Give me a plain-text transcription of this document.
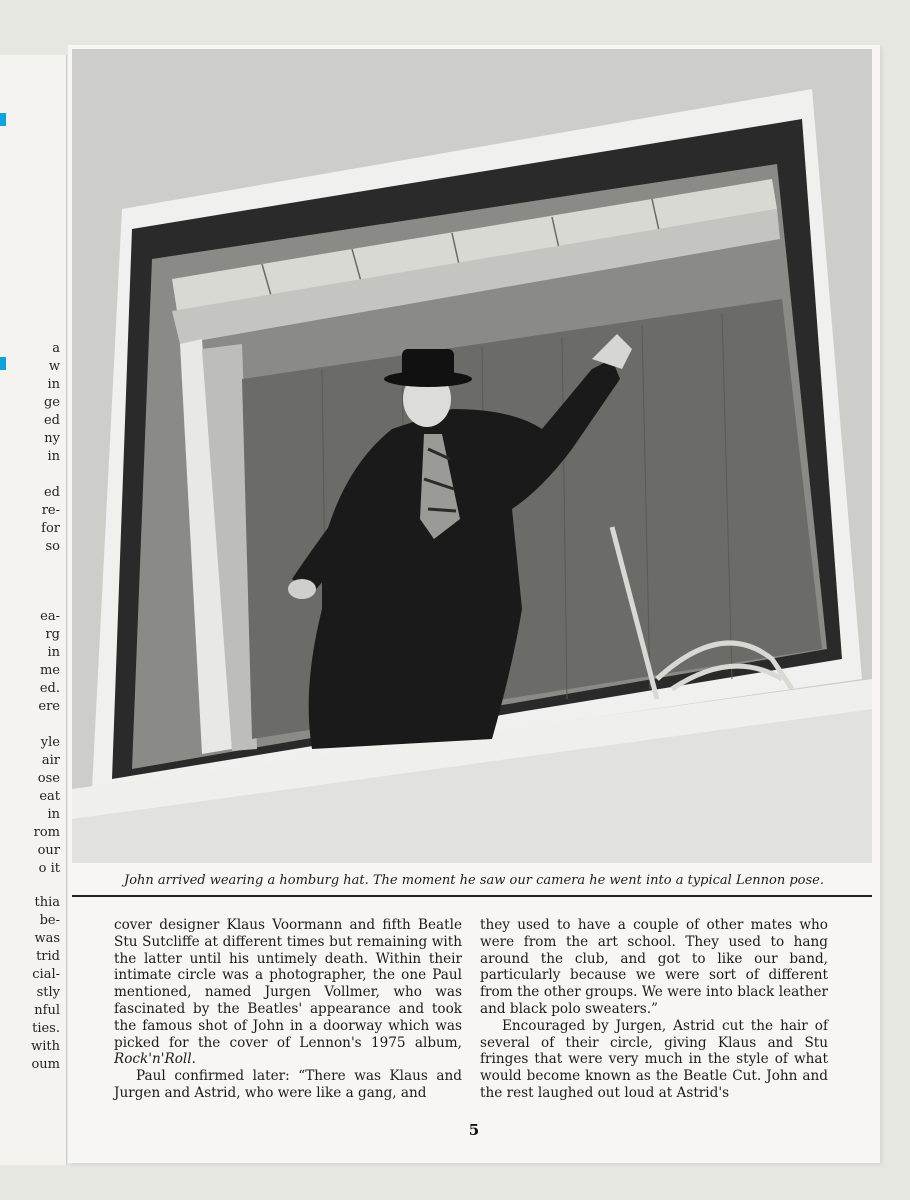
a
w
in
ge
ed
ny
in
ed
re-
for
so
ea-
rg
in
me
ed.
ere
yle
air
ose
eat
in
rom
our
o it
thia
be-
was
trid
cial-
stly
nful
ties.
with
oum
John arrived wearing a homburg hat. The moment he saw our camera he went into a typical Lennon pose.

cover designer Klaus Voormann and fifth Beatle Stu Sutcliffe at different times but remaining with the latter until his untimely death. Within their intimate circle was a photographer, the one Paul mentioned, named Jurgen Vollmer, who was fascinated by the Beatles' appearance and took the famous shot of John in a doorway which was picked for the cover of Lennon's 1975 album, Rock'n'Roll.

Paul confirmed later: “There was Klaus and Jurgen and Astrid, who were like a gang, and

they used to have a couple of other mates who were from the art school. They used to hang around the club, and got to like our band, particularly because we were sort of different from the other groups. We were into black leather and black polo sweaters.”

Encouraged by Jurgen, Astrid cut the hair of several of their circle, giving Klaus and Stu fringes that were very much in the style of what would become known as the Beatle Cut. John and the rest laughed out loud at Astrid's

5
